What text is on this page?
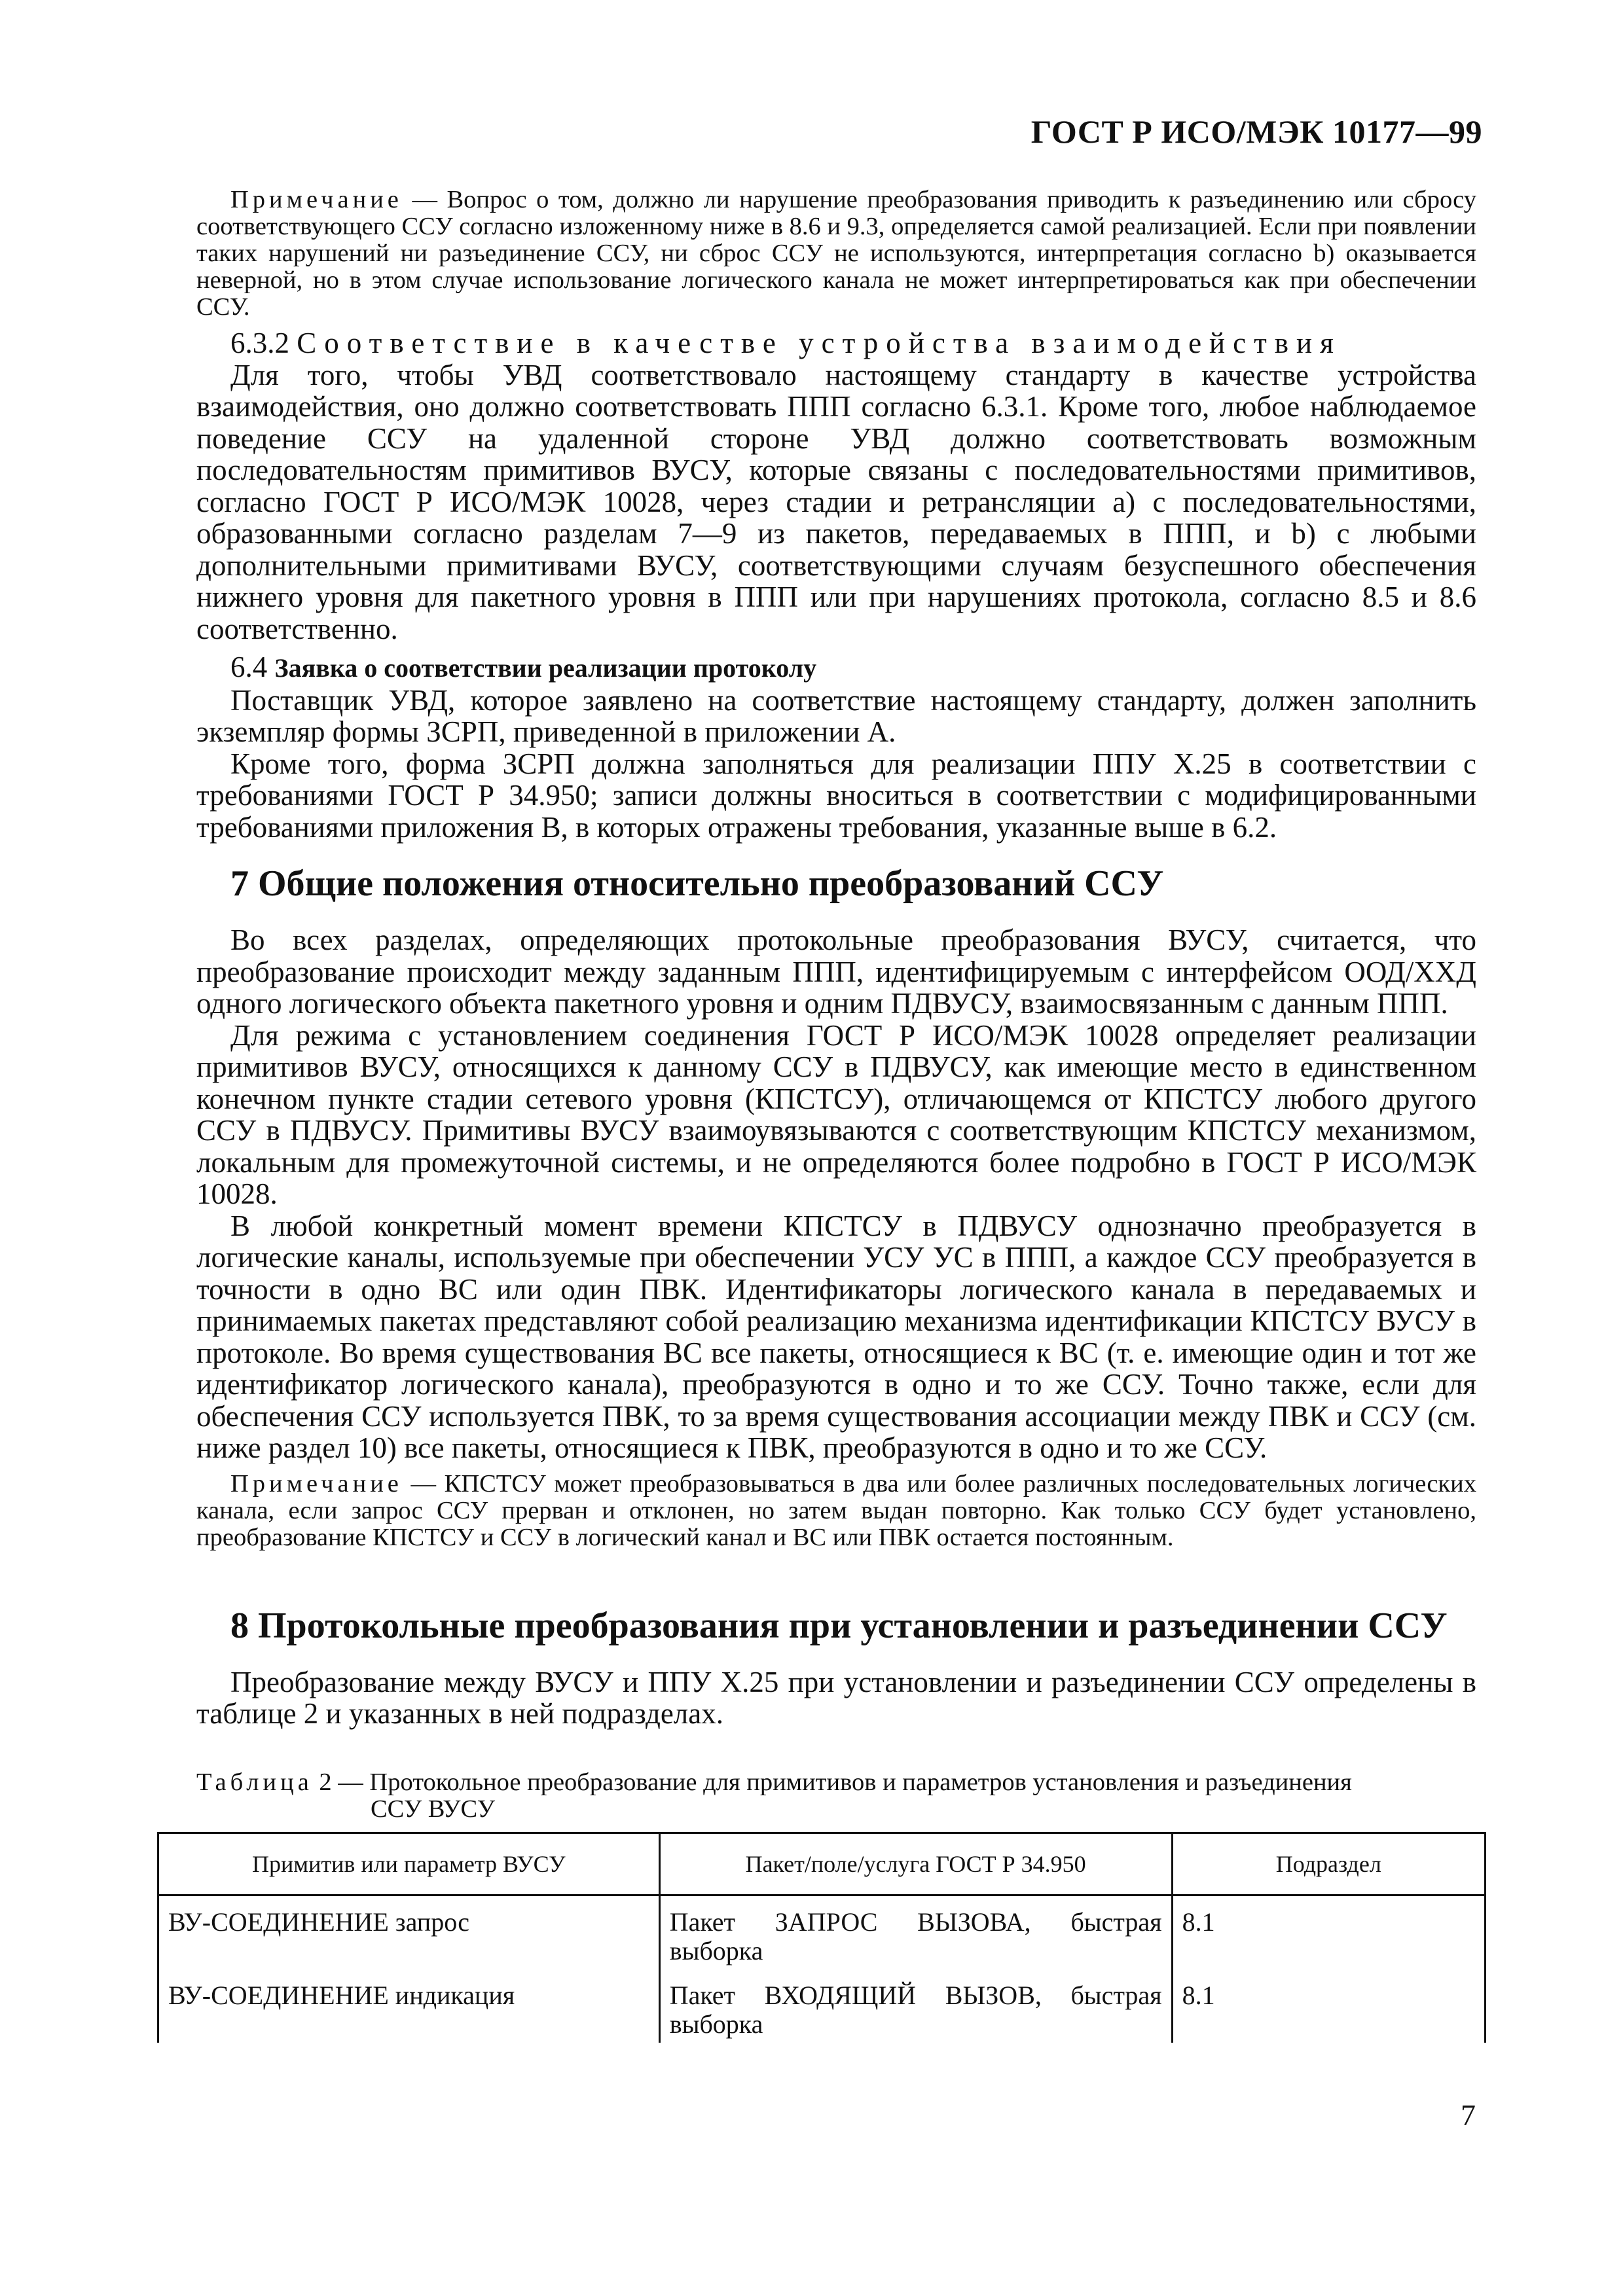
ГОСТ Р ИСО/МЭК 10177—99

Примечание — Вопрос о том, должно ли нарушение преобразования приводить к разъединению или сбросу соответствующего ССУ согласно изложенному ниже в 8.6 и 9.3, определяется самой реализацией. Если при появлении таких нарушений ни разъединение ССУ, ни сброс ССУ не используются, интерпретация согласно b) оказывается неверной, но в этом случае использование логического канала не может интерпретироваться как при обеспечении ССУ.

6.3.2 Соответствие в качестве устройства взаимодействия

Для того, чтобы УВД соответствовало настоящему стандарту в качестве устройства взаимодействия, оно должно соответствовать ППП согласно 6.3.1. Кроме того, любое наблюдаемое поведение ССУ на удаленной стороне УВД должно соответствовать возможным последовательностям примитивов ВУСУ, которые связаны с последовательностями примитивов, согласно ГОСТ Р ИСО/МЭК 10028, через стадии и ретрансляции а) с последовательностями, образованными согласно разделам 7—9 из пакетов, передаваемых в ППП, и b) с любыми дополнительными примитивами ВУСУ, соответствующими случаям безуспешного обеспечения нижнего уровня для пакетного уровня в ППП или при нарушениях протокола, согласно 8.5 и 8.6 соответственно.

6.4 Заявка о соответствии реализации протоколу

Поставщик УВД, которое заявлено на соответствие настоящему стандарту, должен заполнить экземпляр формы ЗСРП, приведенной в приложении А.

Кроме того, форма ЗСРП должна заполняться для реализации ППУ X.25 в соответствии с требованиями ГОСТ Р 34.950; записи должны вноситься в соответствии с модифицированными требованиями приложения В, в которых отражены требования, указанные выше в 6.2.

7 Общие положения относительно преобразований ССУ

Во всех разделах, определяющих протокольные преобразования ВУСУ, считается, что преобразование происходит между заданным ППП, идентифицируемым с интерфейсом ООД/ХХД одного логического объекта пакетного уровня и одним ПДВУСУ, взаимосвязанным с данным ППП.

Для режима с установлением соединения ГОСТ Р ИСО/МЭК 10028 определяет реализации примитивов ВУСУ, относящихся к данному ССУ в ПДВУСУ, как имеющие место в единственном конечном пункте стадии сетевого уровня (КПСТСУ), отличающемся от КПСТСУ любого другого ССУ в ПДВУСУ. Примитивы ВУСУ взаимоувязываются с соответствующим КПСТСУ механизмом, локальным для промежуточной системы, и не определяются более подробно в ГОСТ Р ИСО/МЭК 10028.

В любой конкретный момент времени КПСТСУ в ПДВУСУ однозначно преобразуется в логические каналы, используемые при обеспечении УСУ УС в ППП, а каждое ССУ преобразуется в точности в одно ВС или один ПВК. Идентификаторы логического канала в передаваемых и принимаемых пакетах представляют собой реализацию механизма идентификации КПСТСУ ВУСУ в протоколе. Во время существования ВС все пакеты, относящиеся к ВС (т. е. имеющие один и тот же идентификатор логического канала), преобразуются в одно и то же ССУ. Точно также, если для обеспечения ССУ используется ПВК, то за время существования ассоциации между ПВК и ССУ (см. ниже раздел 10) все пакеты, относящиеся к ПВК, преобразуются в одно и то же ССУ.

Примечание — КПСТСУ может преобразовываться в два или более различных последовательных логических канала, если запрос ССУ прерван и отклонен, но затем выдан повторно. Как только ССУ будет установлено, преобразование КПСТСУ и ССУ в логический канал и ВС или ПВК остается постоянным.

8 Протокольные преобразования при установлении и разъединении ССУ

Преобразование между ВУСУ и ППУ X.25 при установлении и разъединении ССУ определены в таблице 2 и указанных в ней подразделах.

Таблица 2 — Протокольное преобразование для примитивов и параметров установления и разъединения
ССУ ВУСУ

Примитив или параметр ВУСУ	Пакет/поле/услуга ГОСТ Р 34.950	Подраздел
ВУ-СОЕДИНЕНИЕ запрос	Пакет ЗАПРОС ВЫЗОВА, быстрая выборка	8.1
ВУ-СОЕДИНЕНИЕ индикация	Пакет ВХОДЯЩИЙ ВЫЗОВ, быстрая выборка	8.1
7
